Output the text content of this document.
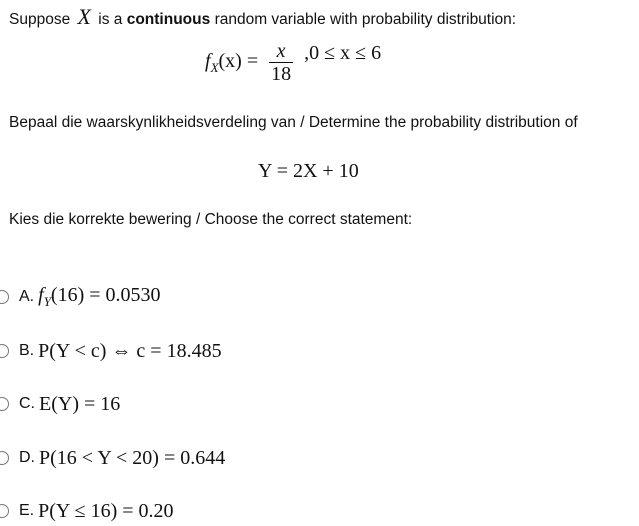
Suppose X is a continuous random variable with probability distribution:
$f_X(x) = \frac{x}{18} ,0 \le x \le 6$
Bepaal die waarskynlikheidsverdeling van / Determine the probability distribution of
Y = 2X + 10
Kies die korrekte bewering / Choose the correct statement:
A. $f_Y(16) = 0.0530$
B. P(Y < c) ⇔ c = 18.485
C. E(Y) = 16
D. P(16 < Y < 20) = 0.644
E. P(Y ≤ 16) = 0.20
